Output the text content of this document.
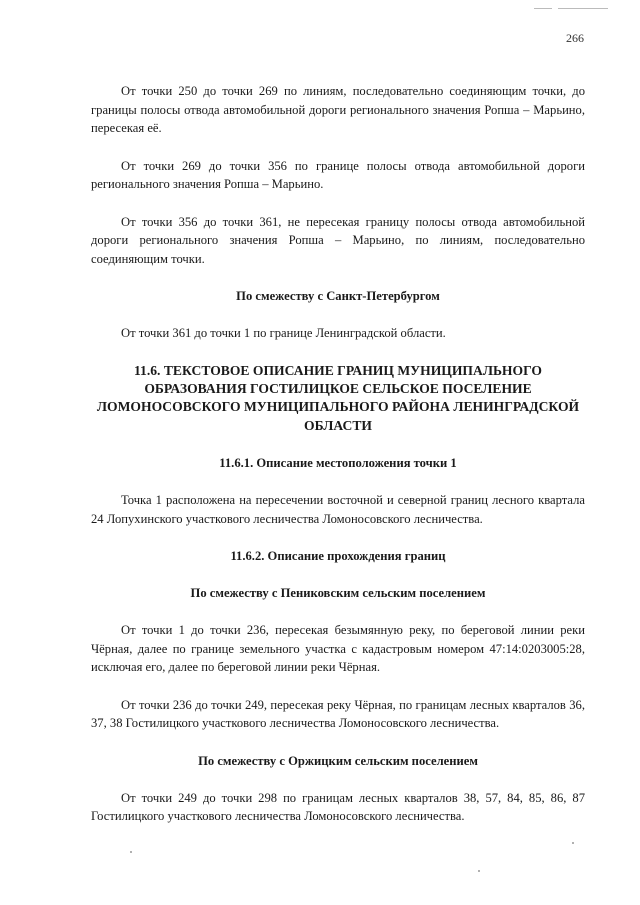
266

От точки 250 до точки 269 по линиям, последовательно соединяющим точки, до границы полосы отвода автомобильной дороги регионального значения Ропша – Марьино, пересекая её.

От точки 269 до точки 356 по границе полосы отвода автомобильной дороги регионального значения Ропша – Марьино.

От точки 356 до точки 361, не пересекая границу полосы отвода автомобильной дороги регионального значения Ропша – Марьино, по линиям, последовательно соединяющим точки.

По смежеству с Санкт-Петербургом

От точки 361 до точки 1 по границе Ленинградской области.

11.6. ТЕКСТОВОЕ ОПИСАНИЕ ГРАНИЦ МУНИЦИПАЛЬНОГО ОБРАЗОВАНИЯ ГОСТИЛИЦКОЕ СЕЛЬСКОЕ ПОСЕЛЕНИЕ ЛОМОНОСОВСКОГО МУНИЦИПАЛЬНОГО РАЙОНА ЛЕНИНГРАДСКОЙ ОБЛАСТИ
11.6.1. Описание местоположения точки 1

Точка 1 расположена на пересечении восточной и северной границ лесного квартала 24 Лопухинского участкового лесничества Ломоносовского лесничества.

11.6.2. Описание прохождения границ
По смежеству с Пениковским сельским поселением

От точки 1 до точки 236, пересекая безымянную реку, по береговой линии реки Чёрная, далее по границе земельного участка с кадастровым номером 47:14:0203005:28, исключая его, далее по береговой линии реки Чёрная.

От точки 236 до точки 249, пересекая реку Чёрная, по границам лесных кварталов 36, 37, 38 Гостилицкого участкового лесничества Ломоносовского лесничества.

По смежеству с Оржицким сельским поселением

От точки 249 до точки 298 по границам лесных кварталов 38, 57, 84, 85, 86, 87 Гостилицкого участкового лесничества Ломоносовского лесничества.
